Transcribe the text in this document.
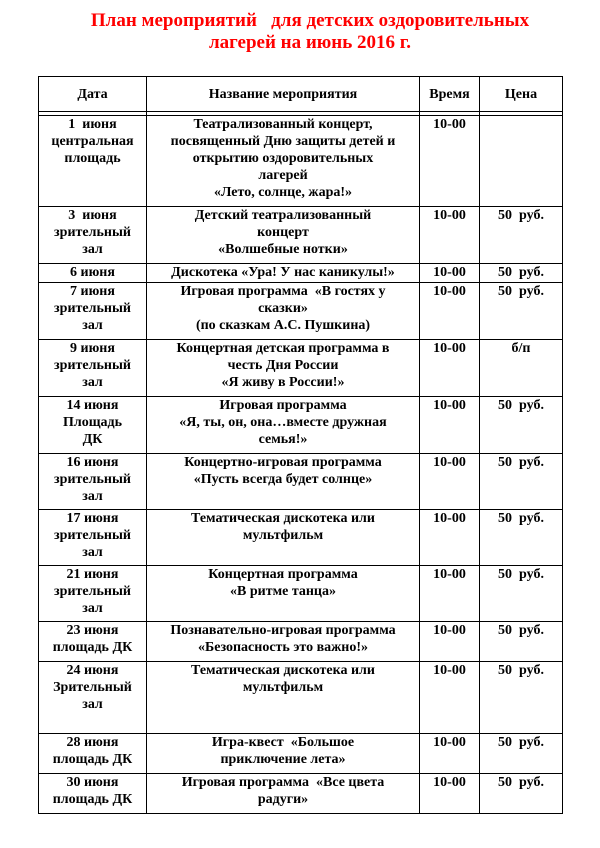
План мероприятий   для детских оздоровительных
лагерей на июнь 2016 г.
Дата	Название мероприятия	Время	Цена

1  июня
центральная
площадь	Театрализованный концерт,
посвященный Дню защиты детей и
открытию оздоровительных
лагерей
«Лето, солнце, жара!»	10-00	

3  июня
зрительный
зал	Детский театрализованный
концерт
«Волшебные нотки»	10-00	50  руб.

6 июня	Дискотека «Ура! У нас каникулы!»	10-00	50  руб.

7 июня
зрительный
зал	Игровая программа  «В гостях у
сказки»
(по сказкам А.С. Пушкина)	10-00	50  руб.

9 июня
зрительный
зал	Концертная детская программа в
честь Дня России
«Я живу в России!»	10-00	б/п

14 июня
Площадь
ДК	Игровая программа
«Я, ты, он, она…вместе дружная
семья!»	10-00	50  руб.

16 июня
зрительный
зал	Концертно-игровая программа
«Пусть всегда будет солнце»	10-00	50  руб.

17 июня
зрительный
зал	Тематическая дискотека или
мультфильм	10-00	50  руб.

21 июня
зрительный
зал	Концертная программа
«В ритме танца»	10-00	50  руб.

23 июня
площадь ДК	Познавательно-игровая программа
«Безопасность это важно!»	10-00	50  руб.

24 июня
Зрительный
зал	Тематическая дискотека или
мультфильм	10-00	50  руб.

28 июня
площадь ДК	Игра-квест  «Большое
приключение лета»	10-00	50  руб.

30 июня
площадь ДК	Игровая программа  «Все цвета
радуги»	10-00	50  руб.
